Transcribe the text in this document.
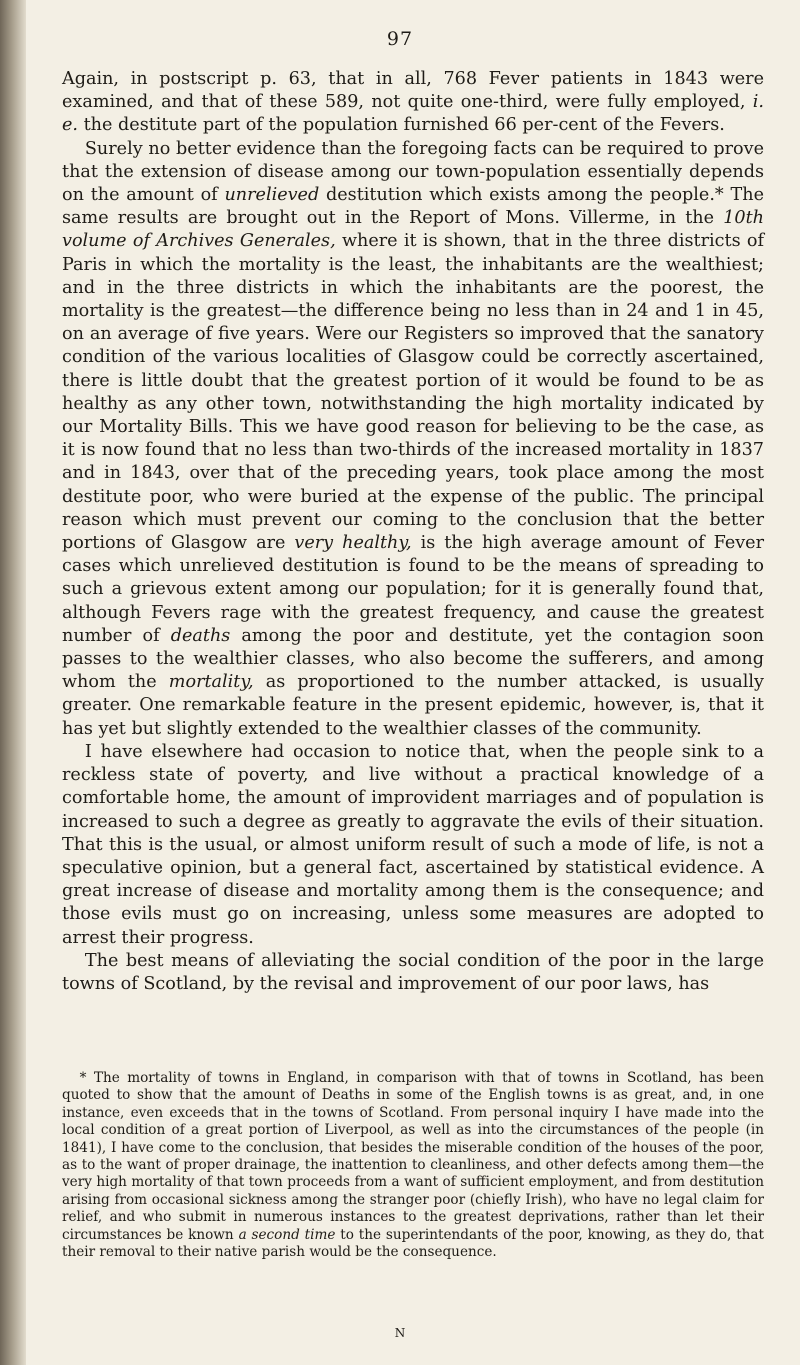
97

Again, in postscript p. 63, that in all, 768 Fever patients in 1843 were examined, and that of these 589, not quite one-third, were fully employed, i. e. the destitute part of the population furnished 66 per-cent of the Fevers.

Surely no better evidence than the foregoing facts can be required to prove that the extension of disease among our town-population essentially depends on the amount of unrelieved destitution which exists among the people.* The same results are brought out in the Report of Mons. Villerme, in the 10th volume of Archives Generales, where it is shown, that in the three districts of Paris in which the mortality is the least, the inhabitants are the wealthiest; and in the three districts in which the inhabitants are the poorest, the mortality is the greatest—the difference being no less than in 24 and 1 in 45, on an average of five years. Were our Registers so improved that the sanatory condition of the various localities of Glasgow could be correctly ascertained, there is little doubt that the greatest portion of it would be found to be as healthy as any other town, notwithstanding the high mortality indicated by our Mortality Bills. This we have good reason for believing to be the case, as it is now found that no less than two-thirds of the increased mortality in 1837 and in 1843, over that of the preceding years, took place among the most destitute poor, who were buried at the expense of the public. The principal reason which must prevent our coming to the conclusion that the better portions of Glasgow are very healthy, is the high average amount of Fever cases which unrelieved destitution is found to be the means of spreading to such a grievous extent among our population; for it is generally found that, although Fevers rage with the greatest frequency, and cause the greatest number of deaths among the poor and destitute, yet the contagion soon passes to the wealthier classes, who also become the sufferers, and among whom the mortality, as proportioned to the number attacked, is usually greater. One remarkable feature in the present epidemic, however, is, that it has yet but slightly extended to the wealthier classes of the community.

I have elsewhere had occasion to notice that, when the people sink to a reckless state of poverty, and live without a practical knowledge of a comfortable home, the amount of improvident marriages and of population is increased to such a degree as greatly to aggravate the evils of their situation. That this is the usual, or almost uniform result of such a mode of life, is not a speculative opinion, but a general fact, ascertained by statistical evidence. A great increase of disease and mortality among them is the consequence; and those evils must go on increasing, unless some measures are adopted to arrest their progress.

The best means of alleviating the social condition of the poor in the large towns of Scotland, by the revisal and improvement of our poor laws, has

* The mortality of towns in England, in comparison with that of towns in Scotland, has been quoted to show that the amount of Deaths in some of the English towns is as great, and, in one instance, even exceeds that in the towns of Scotland. From personal inquiry I have made into the local condition of a great portion of Liverpool, as well as into the circumstances of the people (in 1841), I have come to the conclusion, that besides the miserable condition of the houses of the poor, as to the want of proper drainage, the inattention to cleanliness, and other defects among them—the very high mortality of that town proceeds from a want of sufficient employment, and from destitution arising from occasional sickness among the stranger poor (chiefly Irish), who have no legal claim for relief, and who submit in numerous instances to the greatest deprivations, rather than let their circumstances be known a second time to the superintendants of the poor, knowing, as they do, that their removal to their native parish would be the consequence.

N
